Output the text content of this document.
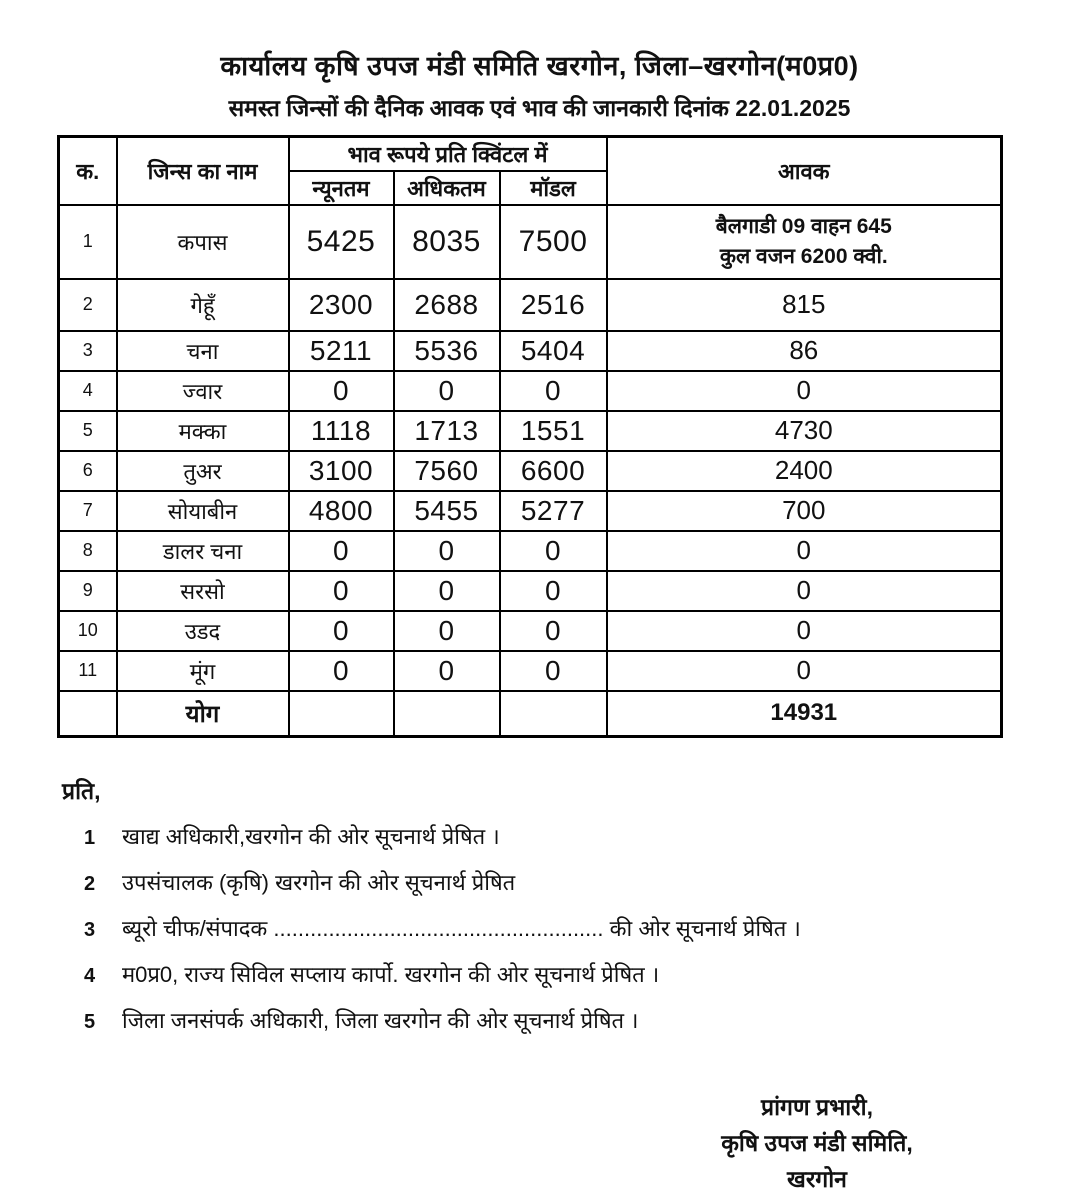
कार्यालय कृषि उपज मंडी समिति खरगोन, जिला–खरगोन(म0प्र0)
समस्त जिन्सों की दैनिक आवक एवं भाव की जानकारी दिनांक 22.01.2025
क.	जिन्स का नाम	भाव रूपये प्रति क्विंटल में			आवक
		न्यूनतम	अधिकतम	मॉडल	
1	कपास	5425	8035	7500	बैलगाडी 09 वाहन 645
कुल वजन 6200 क्वी.

2	गेहूँ	2300	2688	2516	815
3	चना	5211	5536	5404	86
4	ज्वार	0	0	0	0
5	मक्का	1118	1713	1551	4730
6	तुअर	3100	7560	6600	2400
7	सोयाबीन	4800	5455	5277	700
8	डालर चना	0	0	0	0
9	सरसो	0	0	0	0
10	उडद	0	0	0	0
11	मूंग	0	0	0	0
	योग				14931
प्रति,
1	खाद्य अधिकारी,खरगोन की ओर सूचनार्थ प्रेषित ।
2	उपसंचालक (कृषि) खरगोन की ओर सूचनार्थ प्रेषित
3	ब्यूरो चीफ/संपादक ...................................................... की ओर सूचनार्थ प्रेषित ।
4	म0प्र0, राज्य सिविल सप्लाय कार्पो. खरगोन की ओर सूचनार्थ प्रेषित ।
5	जिला जनसंपर्क अधिकारी, जिला खरगोन की ओर सूचनार्थ प्रेषित ।
प्रांगण प्रभारी,
कृषि उपज मंडी समिति,
खरगोन
